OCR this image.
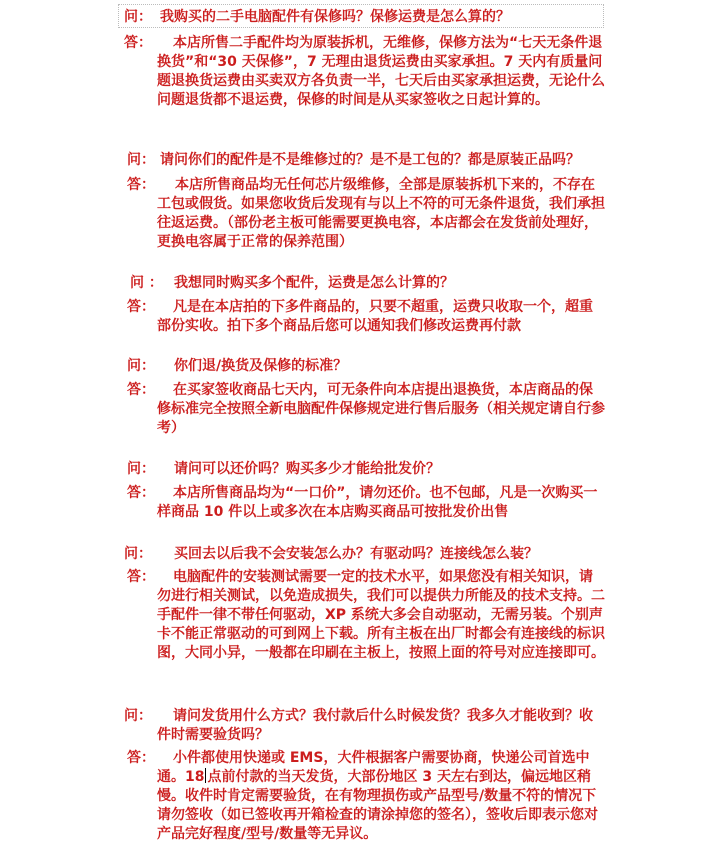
问： 我购买的二手电脑配件有保修吗？保修运费是怎么算的？
答：	本店所售二手配件均为原装拆机，无维修，保修方法为“七天无条件退换货”和“30 天保修”，7 无理由退货运费由买家承担。7 天内有质量问题退换货运费由买卖双方各负责一半，七天后由买家承担运费，无论什么问题退货都不退运费，保修的时间是从买家签收之日起计算的。
问： 请问你们的配件是不是维修过的？是不是工包的？都是原装正品吗？
答：	本店所售商品均无任何芯片级维修，全部是原装拆机下来的，不存在工包或假货。如果您收货后发现有与以上不符的可无条件退货，我们承担往返运费。（部份老主板可能需要更换电容，本店都会在发货前处理好，更换电容属于正常的保养范围）
问 ： 我想同时购买多个配件，运费是怎么计算的？
答：	凡是在本店拍的下多件商品的，只要不超重，运费只收取一个，超重部份实收。拍下多个商品后您可以通知我们修改运费再付款
问： 你们退/换货及保修的标准？
答：	在买家签收商品七天内，可无条件向本店提出退换货，本店商品的保修标准完全按照全新电脑配件保修规定进行售后服务（相关规定请自行参考）
问： 请问可以还价吗？购买多少才能给批发价？
答：	本店所售商品均为“一口价”，请勿还价。也不包邮，凡是一次购买一样商品 10 件以上或多次在本店购买商品可按批发价出售
问： 买回去以后我不会安装怎么办？有驱动吗？连接线怎么装？
答：	电脑配件的安装测试需要一定的技术水平，如果您没有相关知识，请勿进行相关测试，以免造成损失，我们可以提供力所能及的技术支持。二手配件一律不带任何驱动，XP 系统大多会自动驱动，无需另装。个别声卡不能正常驱动的可到网上下载。所有主板在出厂时都会有连接线的标识图，大同小异，一般都在印刷在主板上，按照上面的符号对应连接即可。
问：	请问发货用什么方式？我付款后什么时候发货？我多久才能收到？收件时需要验货吗？
答：	小件都使用快递或 EMS，大件根据客户需要协商，快递公司首选中通。18 点前付款的当天发货，大部份地区 3 天左右到达，偏远地区稍慢。收件时肯定需要验货，在有物理损伤或产品型号/数量不符的情况下请勿签收（如已签收再开箱检查的请涂掉您的签名），签收后即表示您对产品完好程度/型号/数量等无异议。
